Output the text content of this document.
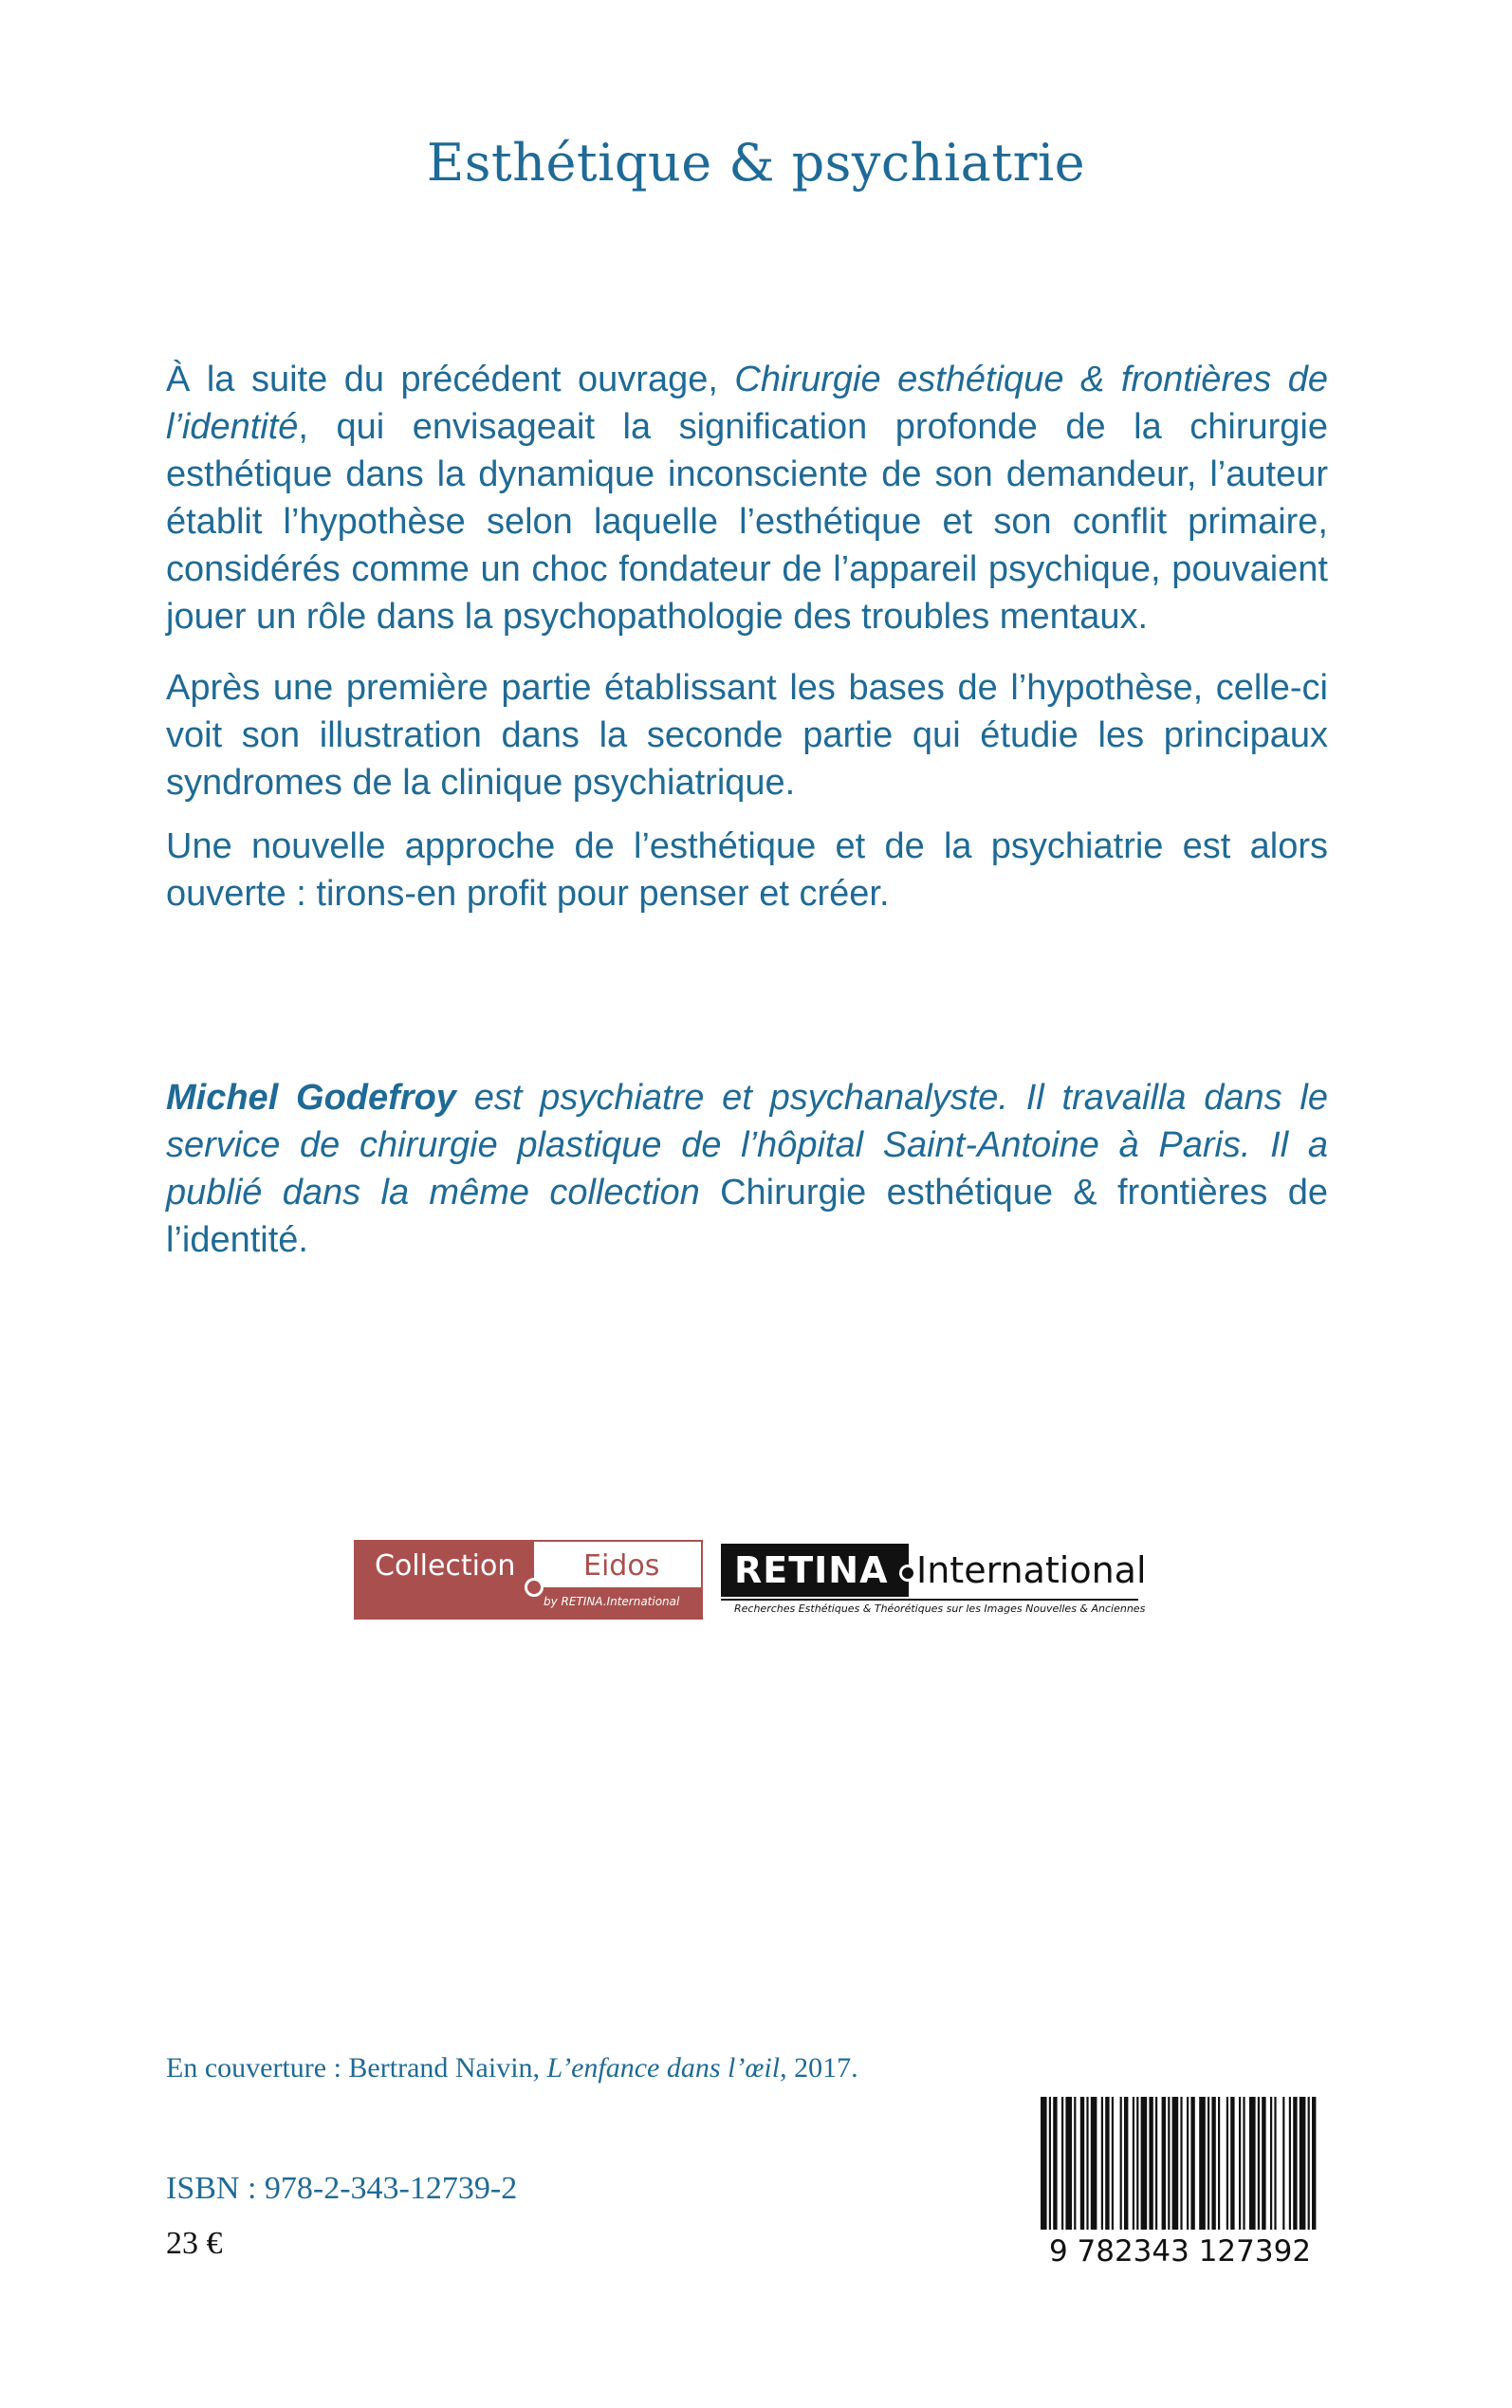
Esthétique & psychiatrie
À la suite du précédent ouvrage, Chirurgie esthétique & frontières de l’identité, qui envisageait la signification profonde de la chirurgie esthétique dans la dynamique inconsciente de son demandeur, l’auteur établit l’hypothèse selon laquelle l’esthétique et son conflit primaire, considérés comme un choc fondateur de l’appareil psychique, pouvaient jouer un rôle dans la psychopathologie des troubles mentaux.
Après une première partie établissant les bases de l’hypothèse, celle-ci voit son illustration dans la seconde partie qui étudie les principaux syndromes de la clinique psychiatrique.
Une nouvelle approche de l’esthétique et de la psychiatrie est alors ouverte : tirons-en profit pour penser et créer.
Michel Godefroy est psychiatre et psychanalyste. Il travailla dans le service de chirurgie plastique de l’hôpital Saint-Antoine à Paris. Il a publié dans la même collection Chirurgie esthétique & frontières de l’identité.
Collection Eidos
by RETINA.International
RETINA International
Recherches Esthétiques & Théorétiques sur les Images Nouvelles & Anciennes
En couverture : Bertrand Naivin, L’enfance dans l’œil, 2017.
ISBN : 978-2-343-12739-2
23 €	9 782343 127392
